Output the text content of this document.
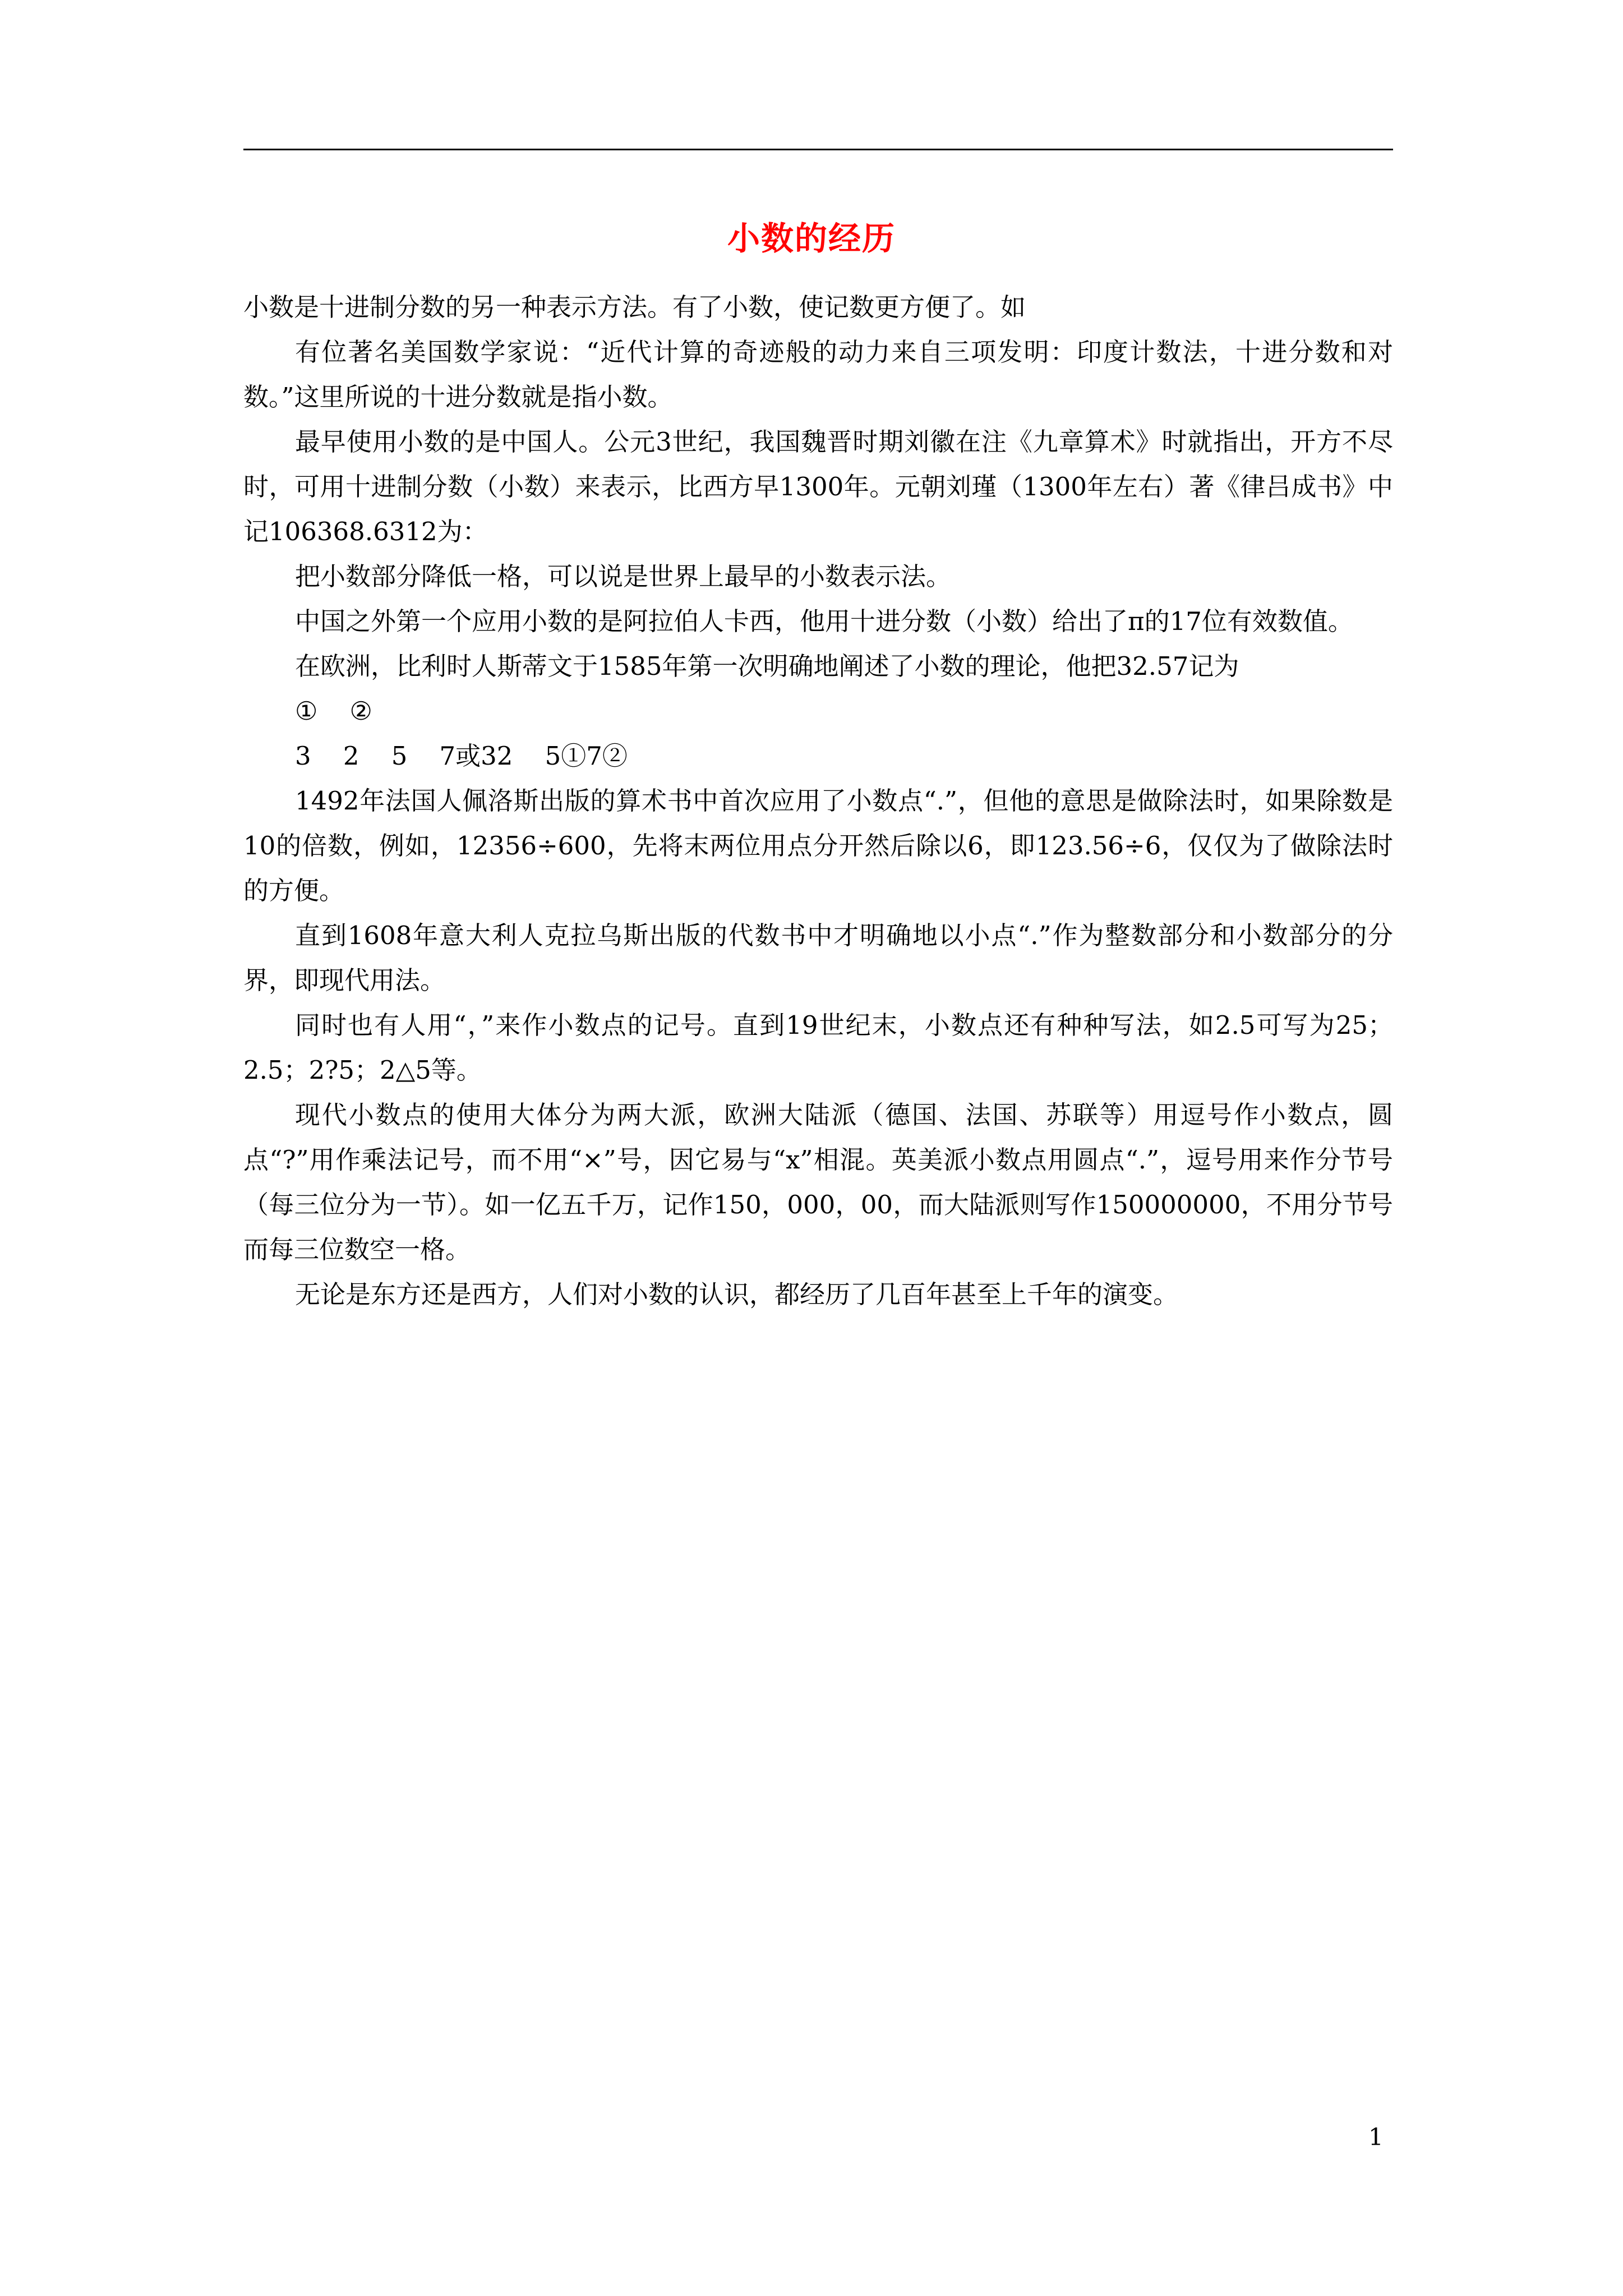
小数的经历

小数是十进制分数的另一种表示方法。有了小数，使记数更方便了。如

有位著名美国数学家说：“近代计算的奇迹般的动力来自三项发明：印度计数法，十进分数和对数。”这里所说的十进分数就是指小数。

最早使用小数的是中国人。公元3世纪，我国魏晋时期刘徽在注《九章算术》时就指出，开方不尽时，可用十进制分数（小数）来表示，比西方早1300年。元朝刘瑾（1300年左右）著《律吕成书》中记106368.6312为：

把小数部分降低一格，可以说是世界上最早的小数表示法。

中国之外第一个应用小数的是阿拉伯人卡西，他用十进分数（小数）给出了π的17位有效数值。

在欧洲，比利时人斯蒂文于1585年第一次明确地阐述了小数的理论，他把32.57记为

①    ②

3    2    5    7或32    5①7②

1492年法国人佩洛斯出版的算术书中首次应用了小数点“.”，但他的意思是做除法时，如果除数是10的倍数，例如，12356÷600，先将末两位用点分开然后除以6，即123.56÷6，仅仅为了做除法时的方便。

直到1608年意大利人克拉乌斯出版的代数书中才明确地以小点“.”作为整数部分和小数部分的分界，即现代用法。

同时也有人用“，”来作小数点的记号。直到19世纪末，小数点还有种种写法，如2.5可写为25；2.5；2?5；2△5等。

现代小数点的使用大体分为两大派，欧洲大陆派（德国、法国、苏联等）用逗号作小数点，圆点“?”用作乘法记号，而不用“×”号，因它易与“x”相混。英美派小数点用圆点“.”，逗号用来作分节号（每三位分为一节）。如一亿五千万，记作150，000，00，而大陆派则写作150000000，不用分节号而每三位数空一格。

无论是东方还是西方，人们对小数的认识，都经历了几百年甚至上千年的演变。

1
